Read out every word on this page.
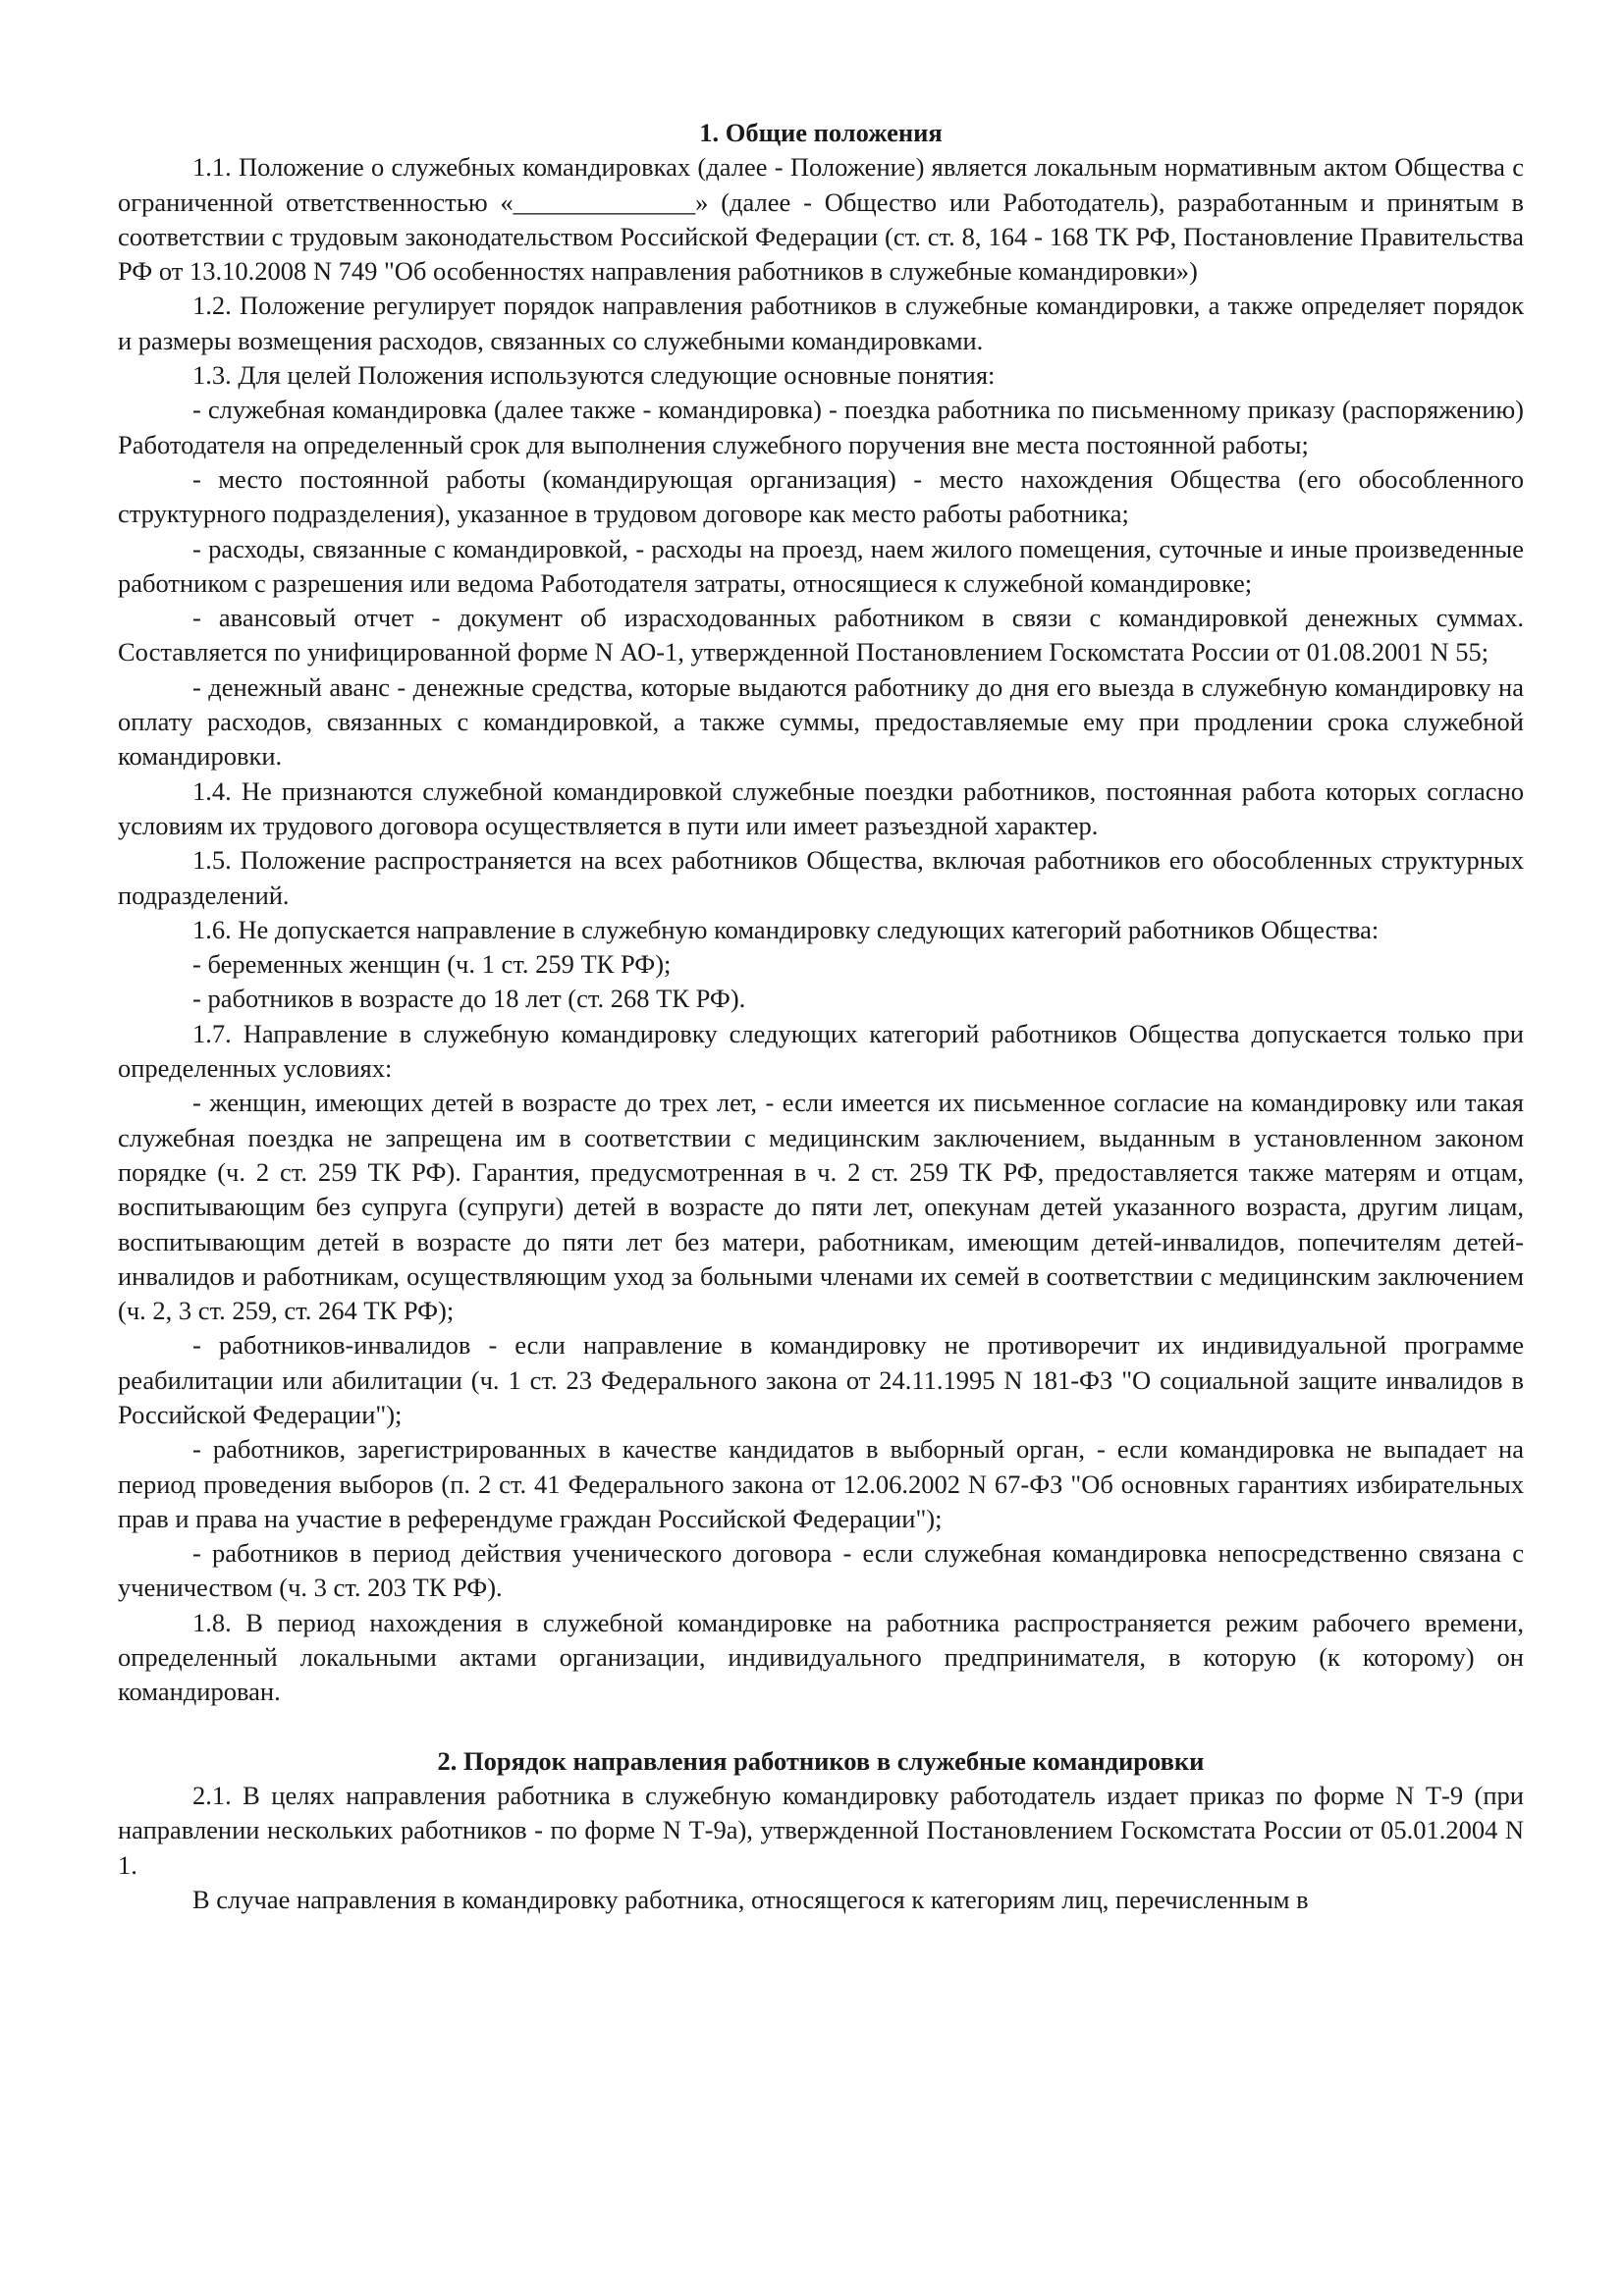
1. Общие положения

1.1. Положение о служебных командировках (далее - Положение) является локальным нормативным актом Общества с ограниченной ответственностью «______________» (далее - Общество или Работодатель), разработанным и принятым в соответствии с трудовым законодательством Российской Федерации (ст. ст. 8, 164 - 168 ТК РФ, Постановление Правительства РФ от 13.10.2008 N 749 "Об особенностях направления работников в служебные командировки»)

1.2. Положение регулирует порядок направления работников в служебные командировки, а также определяет порядок и размеры возмещения расходов, связанных со служебными командировками.

1.3. Для целей Положения используются следующие основные понятия:

- служебная командировка (далее также - командировка) - поездка работника по письменному приказу (распоряжению) Работодателя на определенный срок для выполнения служебного поручения вне места постоянной работы;

- место постоянной работы (командирующая организация) - место нахождения Общества (его обособленного структурного подразделения), указанное в трудовом договоре как место работы работника;

- расходы, связанные с командировкой, - расходы на проезд, наем жилого помещения, суточные и иные произведенные работником с разрешения или ведома Работодателя затраты, относящиеся к служебной командировке;

- авансовый отчет - документ об израсходованных работником в связи с командировкой денежных суммах. Составляется по унифицированной форме N АО-1, утвержденной Постановлением Госкомстата России от 01.08.2001 N 55;

- денежный аванс - денежные средства, которые выдаются работнику до дня его выезда в служебную командировку на оплату расходов, связанных с командировкой, а также суммы, предоставляемые ему при продлении срока служебной командировки.

1.4. Не признаются служебной командировкой служебные поездки работников, постоянная работа которых согласно условиям их трудового договора осуществляется в пути или имеет разъездной характер.

1.5. Положение распространяется на всех работников Общества, включая работников его обособленных структурных подразделений.

1.6. Не допускается направление в служебную командировку следующих категорий работников Общества:

- беременных женщин (ч. 1 ст. 259 ТК РФ);

- работников в возрасте до 18 лет (ст. 268 ТК РФ).

1.7. Направление в служебную командировку следующих категорий работников Общества допускается только при определенных условиях:

- женщин, имеющих детей в возрасте до трех лет, - если имеется их письменное согласие на командировку или такая служебная поездка не запрещена им в соответствии с медицинским заключением, выданным в установленном законом порядке (ч. 2 ст. 259 ТК РФ). Гарантия, предусмотренная в ч. 2 ст. 259 ТК РФ, предоставляется также матерям и отцам, воспитывающим без супруга (супруги) детей в возрасте до пяти лет, опекунам детей указанного возраста, другим лицам, воспитывающим детей в возрасте до пяти лет без матери, работникам, имеющим детей-инвалидов, попечителям детей-инвалидов и работникам, осуществляющим уход за больными членами их семей в соответствии с медицинским заключением (ч. 2, 3 ст. 259, ст. 264 ТК РФ);

- работников-инвалидов - если направление в командировку не противоречит их индивидуальной программе реабилитации или абилитации (ч. 1 ст. 23 Федерального закона от 24.11.1995 N 181-ФЗ "О социальной защите инвалидов в Российской Федерации");

- работников, зарегистрированных в качестве кандидатов в выборный орган, - если командировка не выпадает на период проведения выборов (п. 2 ст. 41 Федерального закона от 12.06.2002 N 67-ФЗ "Об основных гарантиях избирательных прав и права на участие в референдуме граждан Российской Федерации");

- работников в период действия ученического договора - если служебная командировка непосредственно связана с ученичеством (ч. 3 ст. 203 ТК РФ).

1.8. В период нахождения в служебной командировке на работника распространяется режим рабочего времени, определенный локальными актами организации, индивидуального предпринимателя, в которую (к которому) он командирован.

2. Порядок направления работников в служебные командировки

2.1. В целях направления работника в служебную командировку работодатель издает приказ по форме N Т-9 (при направлении нескольких работников - по форме N Т-9а), утвержденной Постановлением Госкомстата России от 05.01.2004 N 1.

В случае направления в командировку работника, относящегося к категориям лиц, перечисленным в
